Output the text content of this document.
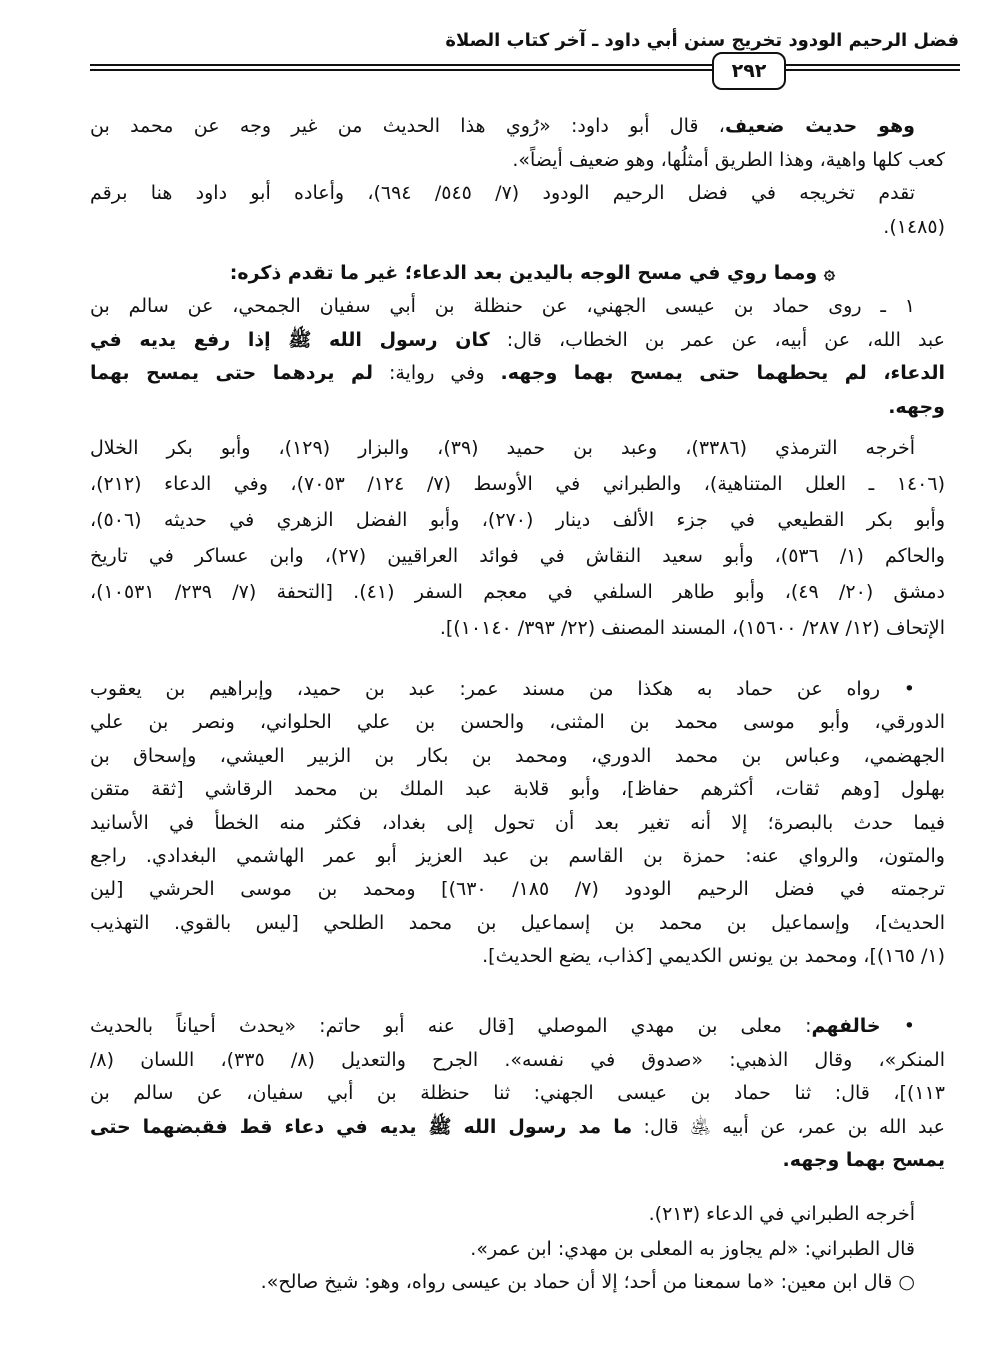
فضل الرحيم الودود تخريج سنن أبي داود ـ آخر كتاب الصلاة
٢٩٢
وهو حديث ضعيف، قال أبو داود: «رُوي هذا الحديث من غير وجه عن محمد بن
كعب كلها واهية، وهذا الطريق أمثلُها، وهو ضعيف أيضاً».
تقدم تخريجه في فضل الرحيم الودود (٧/ ٥٤٥/ ٦٩٤)، وأعاده أبو داود هنا برقم
(١٤٨٥).
۞ ومما روي في مسح الوجه باليدين بعد الدعاء؛ غير ما تقدم ذكره:
١ ـ روى حماد بن عيسى الجهني، عن حنظلة بن أبي سفيان الجمحي، عن سالم بن
عبد الله، عن أبيه، عن عمر بن الخطاب، قال: كان رسول الله ﷺ إذا رفع يديه في
الدعاء، لم يحطهما حتى يمسح بهما وجهه. وفي رواية: لم يردهما حتى يمسح بهما
وجهه.
أخرجه الترمذي (٣٣٨٦)، وعبد بن حميد (٣٩)، والبزار (١٢٩)، وأبو بكر الخلال
(١٤٠٦ ـ العلل المتناهية)، والطبراني في الأوسط (٧/ ١٢٤/ ٧٠٥٣)، وفي الدعاء (٢١٢)،
وأبو بكر القطيعي في جزء الألف دينار (٢٧٠)، وأبو الفضل الزهري في حديثه (٥٠٦)،
والحاكم (١/ ٥٣٦)، وأبو سعيد النقاش في فوائد العراقيين (٢٧)، وابن عساكر في تاريخ
دمشق (٢٠/ ٤٩)، وأبو طاهر السلفي في معجم السفر (٤١). [التحفة (٧/ ٢٣٩/ ١٠٥٣١)،
الإتحاف (١٢/ ٢٨٧/ ١٥٦٠٠)، المسند المصنف (٢٢/ ٣٩٣/ ١٠١٤٠)].
• رواه عن حماد به هكذا من مسند عمر: عبد بن حميد، وإبراهيم بن يعقوب
الدورقي، وأبو موسى محمد بن المثنى، والحسن بن علي الحلواني، ونصر بن علي
الجهضمي، وعباس بن محمد الدوري، ومحمد بن بكار بن الزبير العيشي، وإسحاق بن
بهلول [وهم ثقات، أكثرهم حفاظ]، وأبو قلابة عبد الملك بن محمد الرقاشي [ثقة متقن
فيما حدث بالبصرة؛ إلا أنه تغير بعد أن تحول إلى بغداد، فكثر منه الخطأ في الأسانيد
والمتون، والرواي عنه: حمزة بن القاسم بن عبد العزيز أبو عمر الهاشمي البغدادي. راجع
ترجمته في فضل الرحيم الودود (٧/ ١٨٥/ ٦٣٠)] ومحمد بن موسى الحرشي [لين
الحديث]، وإسماعيل بن محمد بن إسماعيل بن محمد الطلحي [ليس بالقوي. التهذيب
(١/ ١٦٥)]، ومحمد بن يونس الكديمي [كذاب، يضع الحديث].
• خالفهم: معلى بن مهدي الموصلي [قال عنه أبو حاتم: «يحدث أحياناً بالحديث
المنكر»، وقال الذهبي: «صدوق في نفسه». الجرح والتعديل (٨/ ٣٣٥)، اللسان (٨/
١١٣)]، قال: ثنا حماد بن عيسى الجهني: ثنا حنظلة بن أبي سفيان، عن سالم بن
عبد الله بن عمر، عن أبيه ﵁ قال: ما مد رسول الله ﷺ يديه في دعاء قط فقبضهما حتى
يمسح بهما وجهه.
أخرجه الطبراني في الدعاء (٢١٣).
قال الطبراني: «لم يجاوز به المعلى بن مهدي: ابن عمر».
○ قال ابن معين: «ما سمعنا من أحد؛ إلا أن حماد بن عيسى رواه، وهو: شيخ صالح».
